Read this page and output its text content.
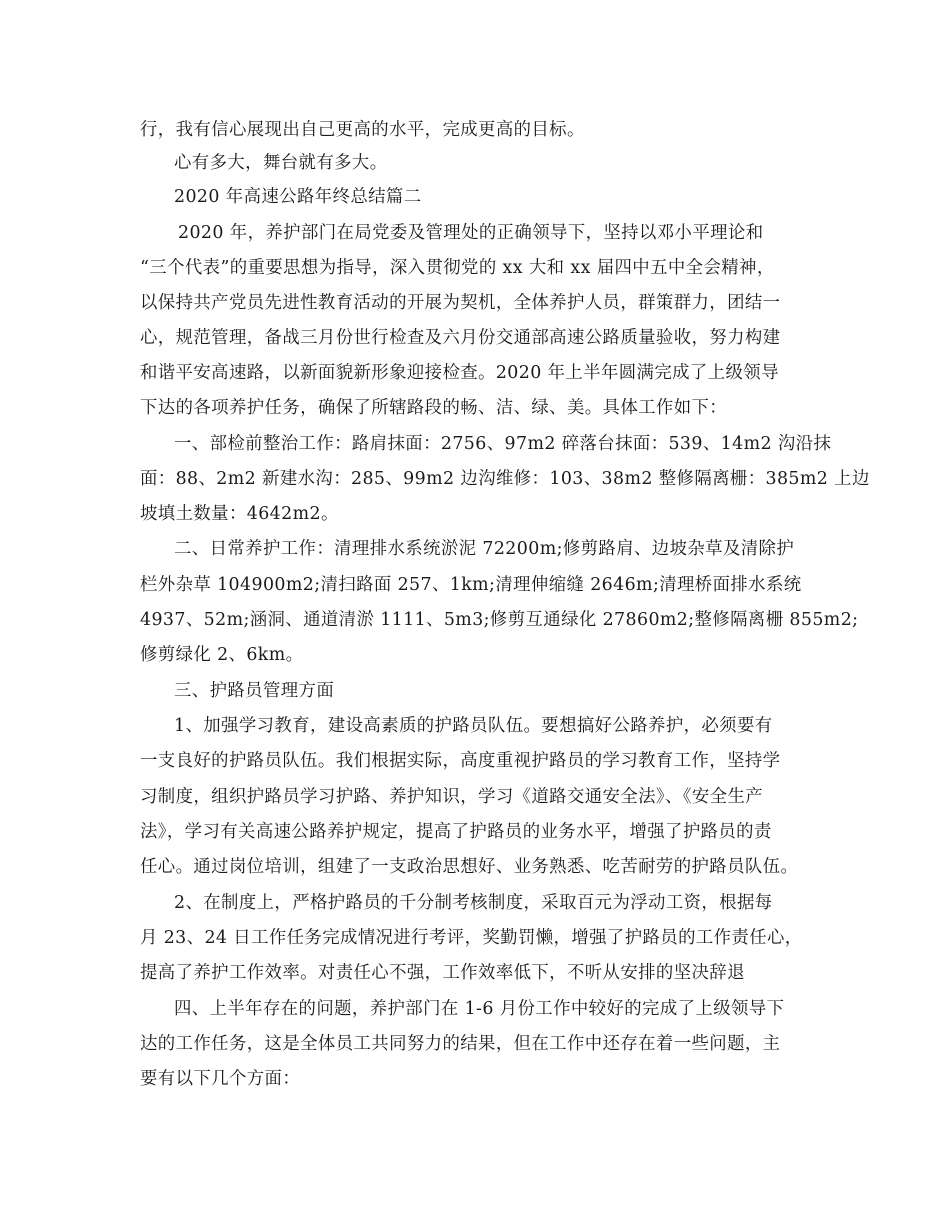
行，我有信心展现出自己更高的水平，完成更高的目标。
心有多大，舞台就有多大。
2020 年高速公路年终总结篇二
2020 年，养护部门在局党委及管理处的正确领导下，坚持以邓小平理论和
“三个代表”的重要思想为指导，深入贯彻党的 xx 大和 xx 届四中五中全会精神，
以保持共产党员先进性教育活动的开展为契机，全体养护人员，群策群力，团结一
心，规范管理，备战三月份世行检查及六月份交通部高速公路质量验收，努力构建
和谐平安高速路，以新面貌新形象迎接检查。2020 年上半年圆满完成了上级领导
下达的各项养护任务，确保了所辖路段的畅、洁、绿、美。具体工作如下：
一、部检前整治工作：路肩抹面：2756、97m2 碎落台抹面：539、14m2 沟沿抹
面：88、2m2 新建水沟：285、99m2 边沟维修：103、38m2 整修隔离栅：385m2 上边
坡填土数量：4642m2。
二、日常养护工作：清理排水系统淤泥 72200m;修剪路肩、边坡杂草及清除护
栏外杂草 104900m2;清扫路面 257、1km;清理伸缩缝 2646m;清理桥面排水系统
4937、52m;涵洞、通道清淤 1111、5m3;修剪互通绿化 27860m2;整修隔离栅 855m2;
修剪绿化 2、6km。
三、护路员管理方面
1、加强学习教育，建设高素质的护路员队伍。要想搞好公路养护，必须要有
一支良好的护路员队伍。我们根据实际，高度重视护路员的学习教育工作，坚持学
习制度，组织护路员学习护路、养护知识，学习《道路交通安全法》、《安全生产
法》，学习有关高速公路养护规定，提高了护路员的业务水平，增强了护路员的责
任心。通过岗位培训，组建了一支政治思想好、业务熟悉、吃苦耐劳的护路员队伍。
2、在制度上，严格护路员的千分制考核制度，采取百元为浮动工资，根据每
月 23、24 日工作任务完成情况进行考评，奖勤罚懒，增强了护路员的工作责任心，
提高了养护工作效率。对责任心不强，工作效率低下，不听从安排的坚决辞退
四、上半年存在的问题，养护部门在 1-6 月份工作中较好的完成了上级领导下
达的工作任务，这是全体员工共同努力的结果，但在工作中还存在着一些问题，主
要有以下几个方面：
